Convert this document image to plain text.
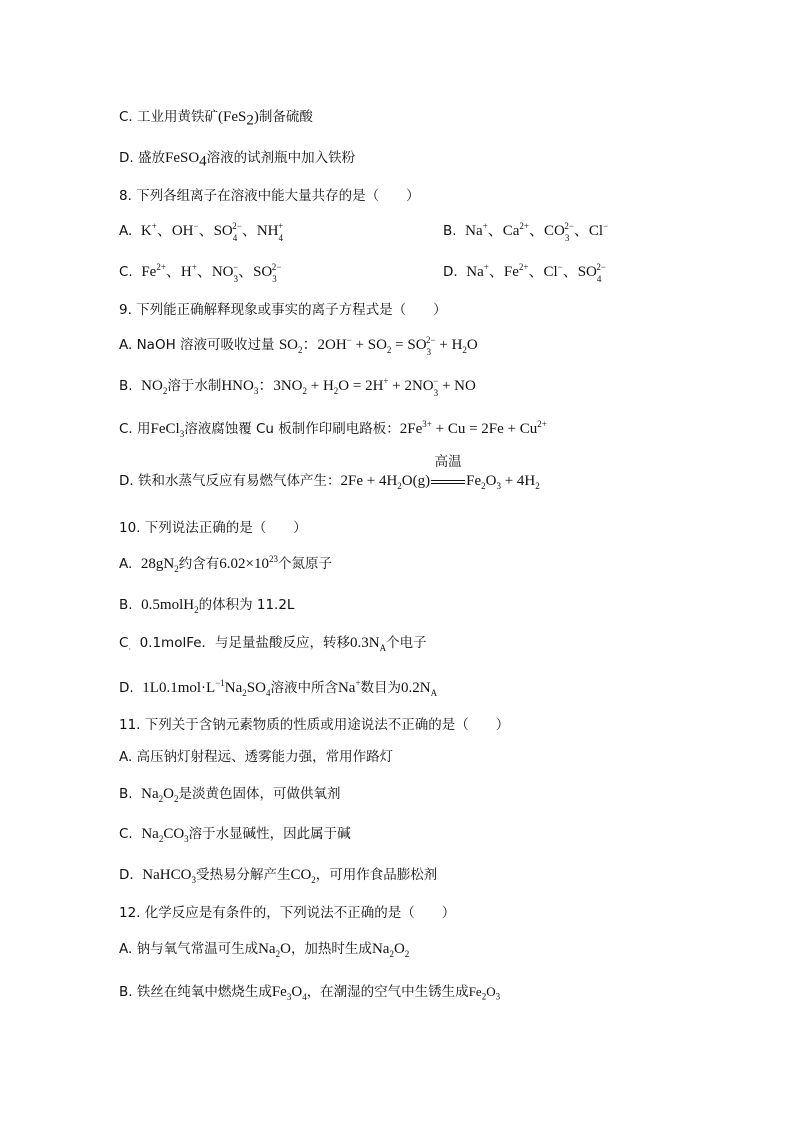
C. 工业用黄铁矿(FeS$_2$)制备硫酸
D. 盛放FeSO$_4$溶液的试剂瓶中加入铁粉
8. 下列各组离子在溶液中能大量共存的是（　　）
A. K+、OH−、$SO_4^{2-}$、$NH_4^+$	B. Na+、$Ca^{2+}$、$CO_3^{2-}$、Cl−
C. $Fe^{2+}$、H+、$NO_3^-$、$SO_3^{2-}$	D. Na+、$Fe^{2+}$、Cl−、$SO_4^{2-}$
9. 下列能正确解释现象或事实的离子方程式是（　　）
A. NaOH 溶液可吸收过量 $SO_2$：$2OH^- + SO_2 = SO_3^{2-} + H_2O$
B. $NO_2$溶于水制$HNO_3$：$3NO_2 + H_2O = 2H^+ + 2NO_3^-$ + NO
C. 用FeCl$_3$溶液腐蚀覆 Cu 板制作印刷电路板：$2Fe^{3+} + Cu = 2Fe + Cu^{2+}$
D. 铁和水蒸气反应有易燃气体产生：$2Fe + 4H_2O(g)$
高温
$Fe_2O_3 + 4H_2$
10. 下列说法正确的是（　　）
A. $28gN_2$约含有$6.02\times 10^{23}$个氮原子
B. 0.5molH$_2$的体积为 11.2L
$C_\cdot$ 0.1molFe．与足量盐酸反应，转移$0.3N_A$个电子
D. $1L0.1mol\cdot L^{-1}Na_2SO_4$溶液中所含Na+数目为$0.2N_A$
11. 下列关于含钠元素物质的性质或用途说法不正确的是（　　）
A. 高压钠灯射程远、透雾能力强，常用作路灯
B. $Na_2O_2$是淡黄色固体，可做供氧剂
C. $Na_2CO_3$溶于水显碱性，因此属于碱
D. NaHCO$_3$受热易分解产生$CO_2$，可用作食品膨松剂
12. 化学反应是有条件的，下列说法不正确的是（　　）
A. 钠与氧气常温可生成$Na_2O$，加热时生成$Na_2O_2$
B. 铁丝在纯氧中燃烧生成$Fe_3O_4$，在潮湿的空气中生锈生成$Fe_2O_3$
